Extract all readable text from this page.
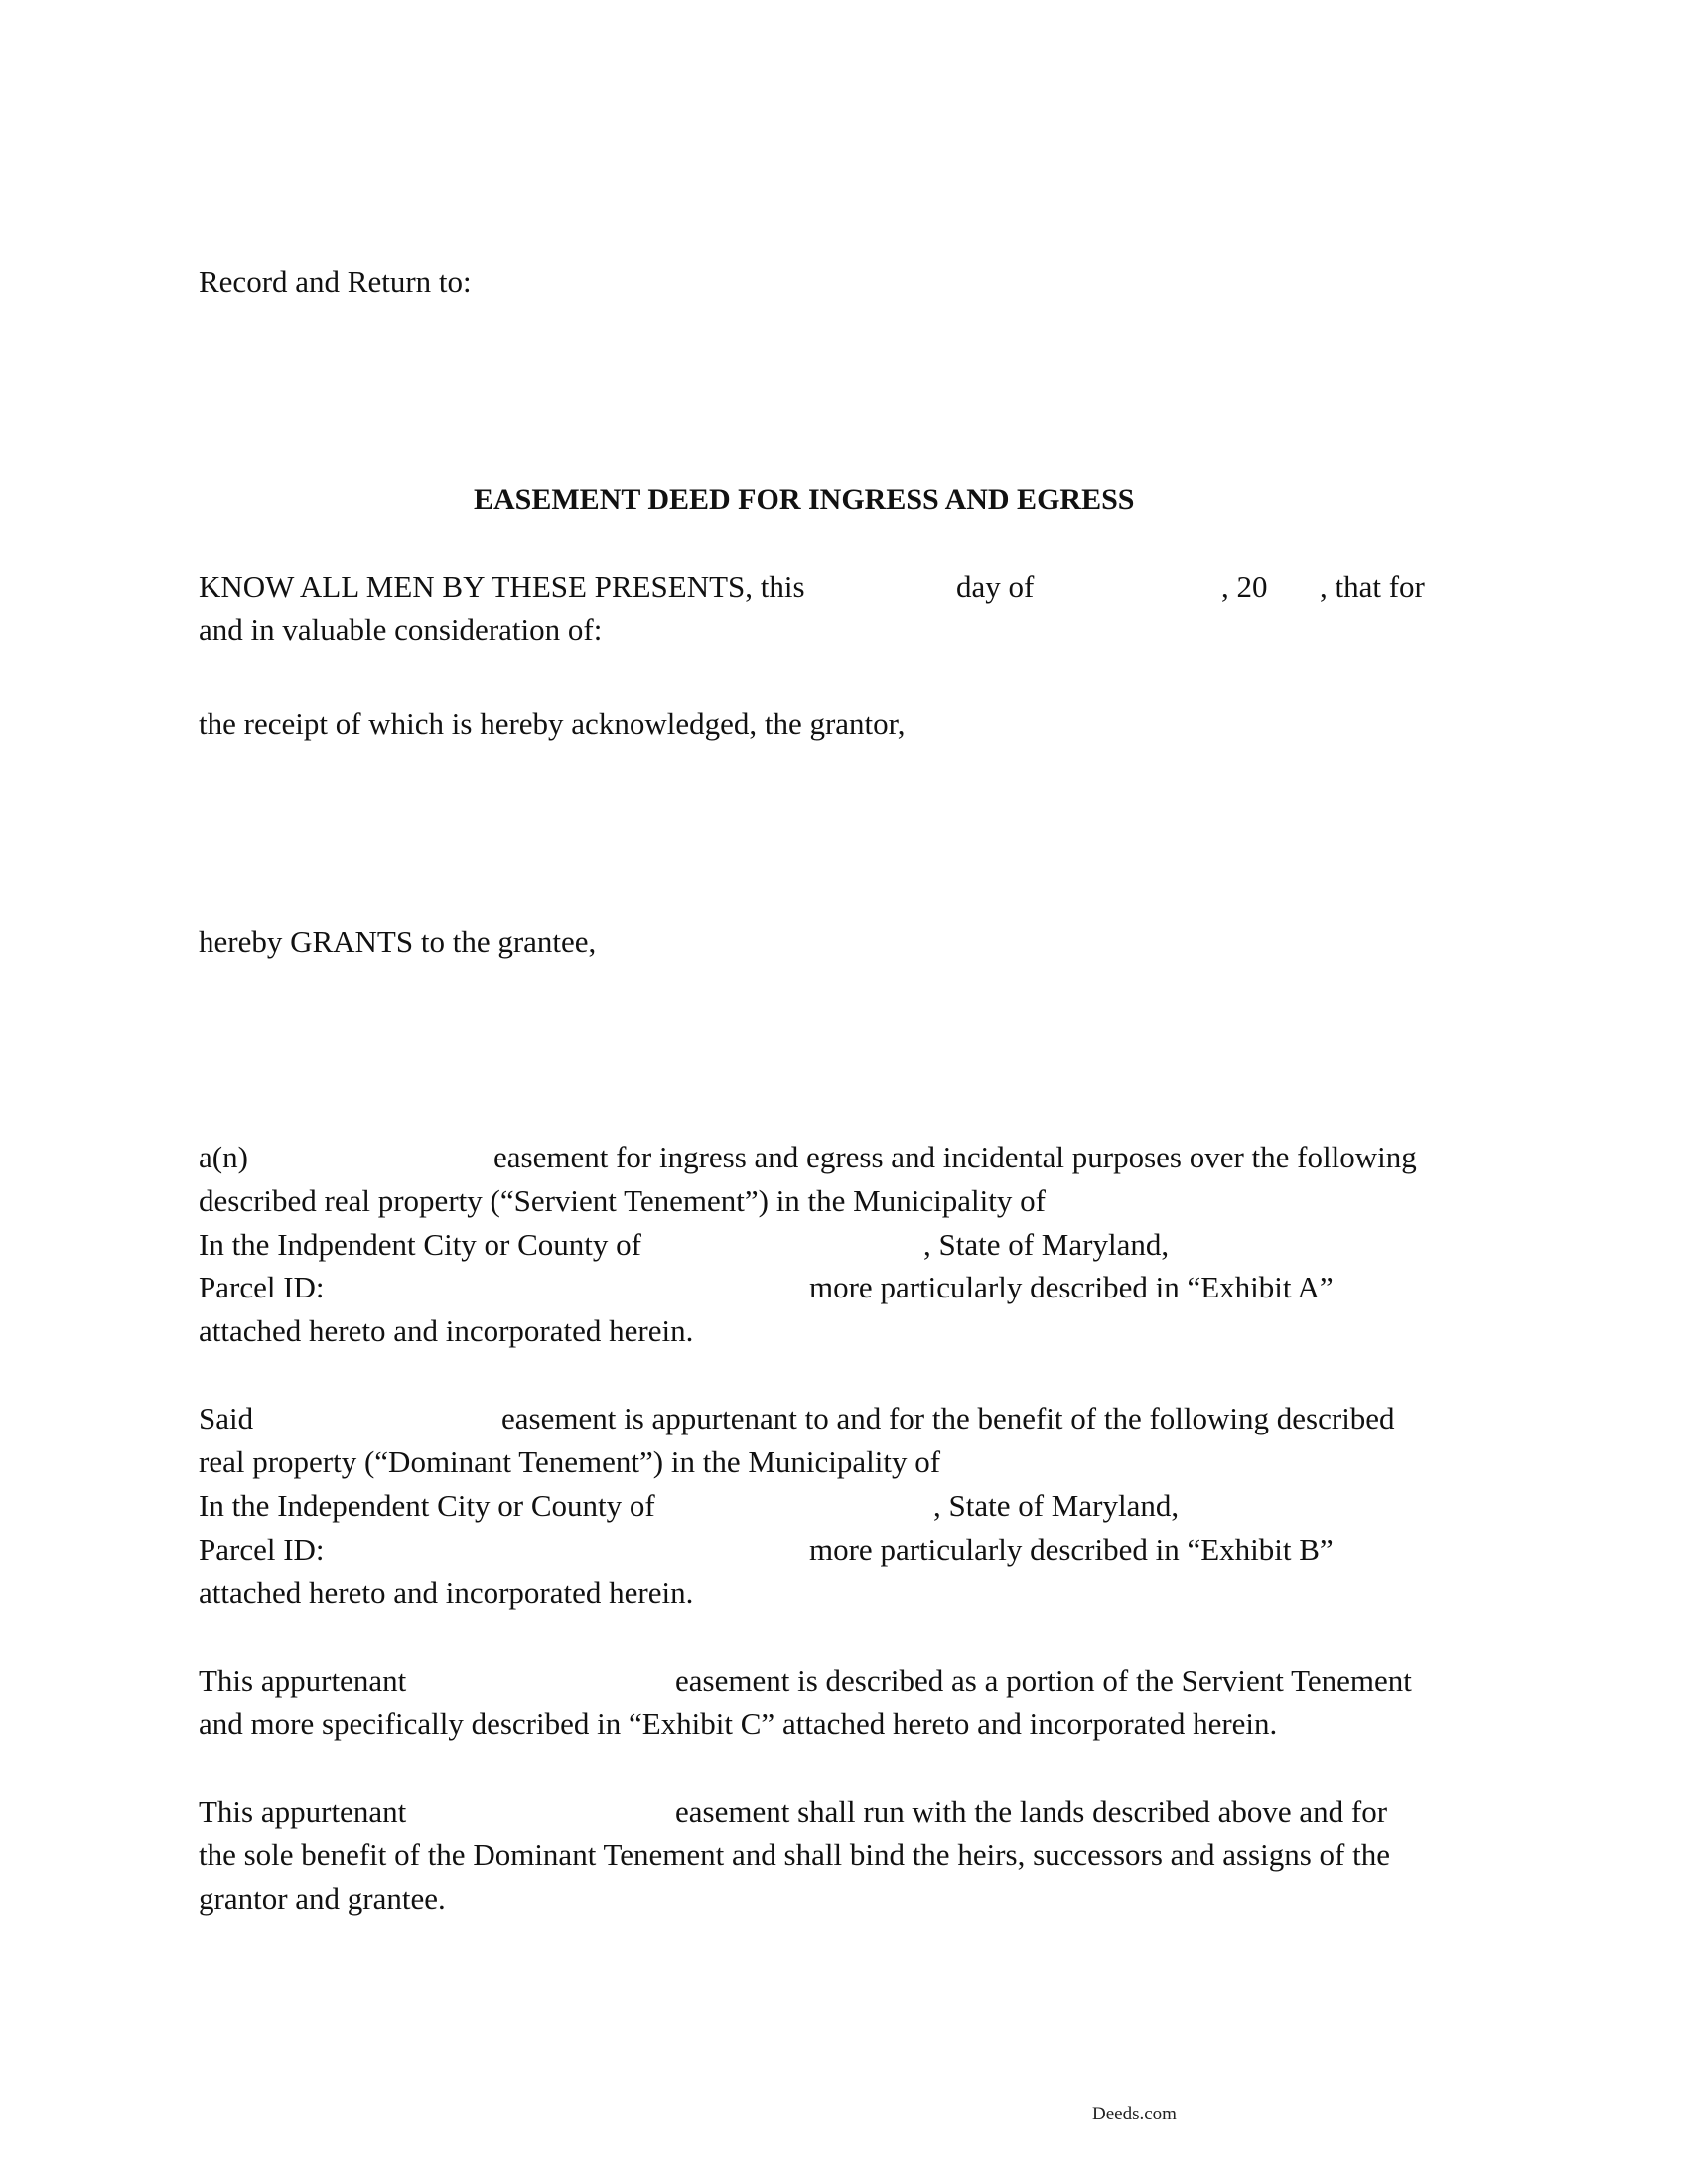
Record and Return to:
EASEMENT DEED FOR INGRESS AND EGRESS
KNOW ALL MEN BY THESE PRESENTS, this	day of	, 20 , that for
and in valuable consideration of:
the receipt of which is hereby acknowledged, the grantor,
hereby GRANTS to the grantee,
a(n)	easement for ingress and egress and incidental purposes over the following
described real property (“Servient Tenement”) in the Municipality of
In the Indpendent City or County of	, State of Maryland,
Parcel ID:	more particularly described in “Exhibit A”
attached hereto and incorporated herein.
Said	easement is appurtenant to and for the benefit of the following described
real property (“Dominant Tenement”) in the Municipality of
In the Independent City or County of	, State of Maryland,
Parcel ID:	more particularly described in “Exhibit B”
attached hereto and incorporated herein.
This appurtenant	easement is described as a portion of the Servient Tenement
and more specifically described in “Exhibit C” attached hereto and incorporated herein.
This appurtenant	easement shall run with the lands described above and for
the sole benefit of the Dominant Tenement and shall bind the heirs, successors and assigns of the
grantor and grantee.
Deeds.com
